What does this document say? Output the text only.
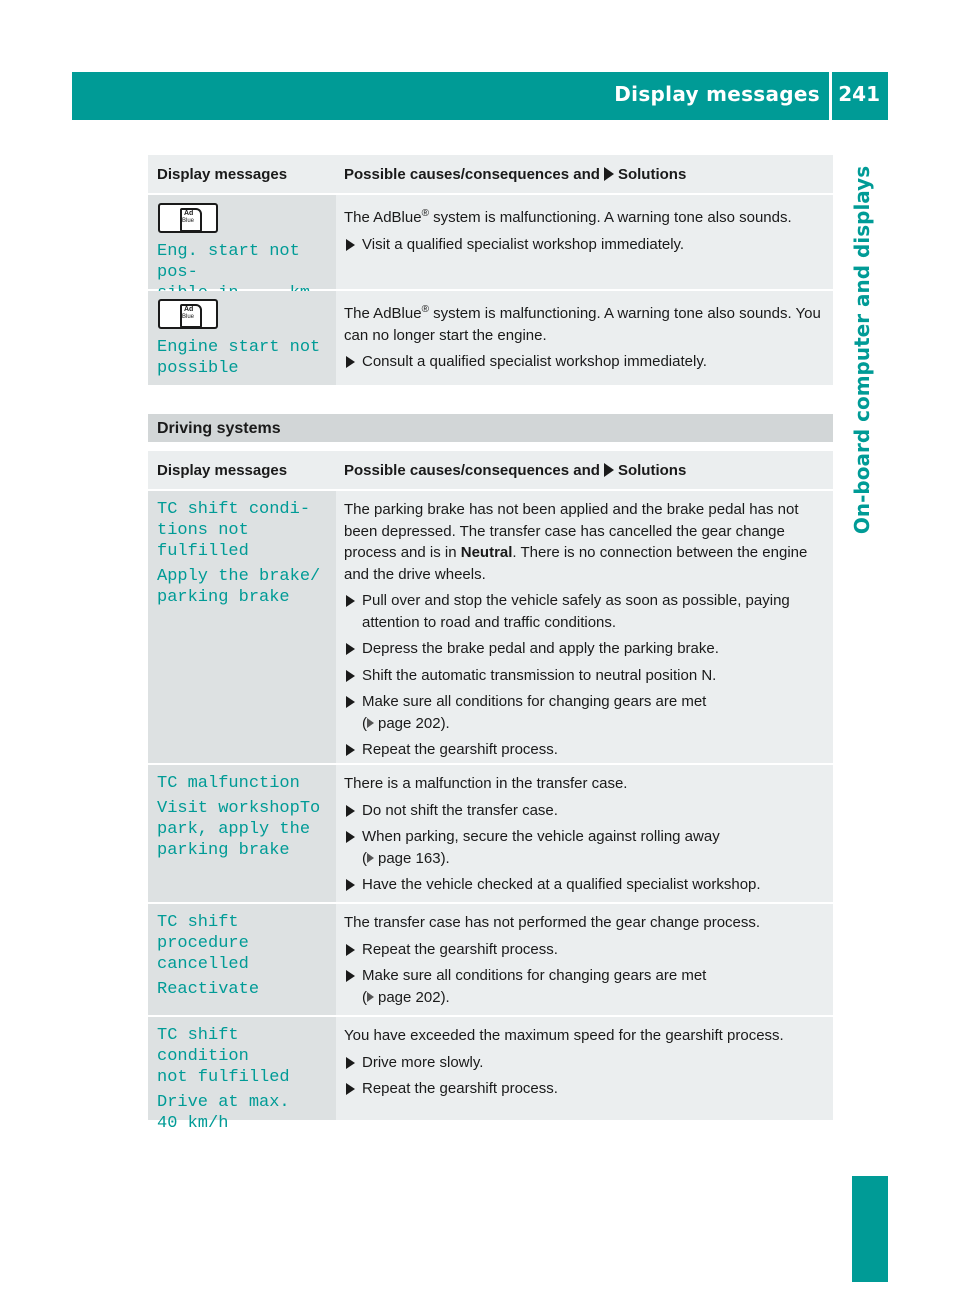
Display messages 241
On-board computer and displays
Display messages	Possible causes/consequences and Solutions
Ad
Blue
Eng. start not pos‑

The AdBlue® system is malfunctioning. A warning tone also sounds.
Visit a qualified specialist workshop immediately.
Ad
Blue
Engine start not
possible
The AdBlue® system is malfunctioning. A warning tone also sounds. You can no longer start the engine.
Consult a qualified specialist workshop immediately.
Driving systems
Display messages	Possible causes/consequences and Solutions
TC shift condi‑
tions not fulfilled
Apply the brake/
parking brake
The parking brake has not been applied and the brake pedal has not been depressed. The transfer case has cancelled the gear change process and is in Neutral. There is no connection between the engine and the drive wheels.
Pull over and stop the vehicle safely as soon as possible, paying attention to road and traffic conditions.
Depress the brake pedal and apply the parking brake.
Shift the automatic transmission to neutral position N.
Make sure all conditions for changing gears are met
( page 202).
Repeat the gearshift process.
TC malfunction
Visit workshopTo
park, apply the
parking brake
There is a malfunction in the transfer case.
Do not shift the transfer case.
When parking, secure the vehicle against rolling away
( page 163).
Have the vehicle checked at a qualified specialist workshop.
TC shift procedure
cancelled
Reactivate
The transfer case has not performed the gear change process.
Repeat the gearshift process.
Make sure all conditions for changing gears are met
( page 202).
TC shift condition
not fulfilled
Drive at max.
40 km/h
You have exceeded the maximum speed for the gearshift process.
Drive more slowly.
Repeat the gearshift process.
